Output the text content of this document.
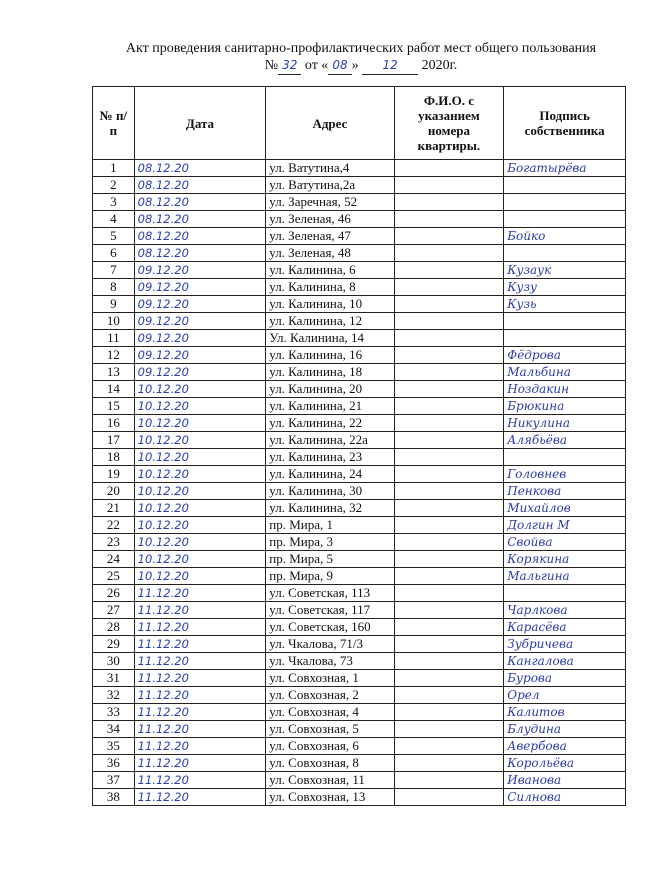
Акт проведения санитарно-профилактических работ мест общего пользования
№ 32 от « 08 » 12 2020г.
№ п/п	Дата	Адрес	Ф.И.О. с указанием номера квартиры.	Подпись собственника
1	08.12.20	ул. Ватутина,4		Богатырёва
2	08.12.20	ул. Ватутина,2а		
3	08.12.20	ул. Заречная, 52		
4	08.12.20	ул. Зеленая, 46		
5	08.12.20	ул. Зеленая, 47		Бойко
6	08.12.20	ул. Зеленая, 48		
7	09.12.20	ул. Калинина, 6		Кузаук
8	09.12.20	ул. Калинина, 8		Кузу
9	09.12.20	ул. Калинина, 10		Кузь
10	09.12.20	ул. Калинина, 12		
11	09.12.20	Ул. Калинина, 14		
12	09.12.20	ул. Калинина, 16		Фёдрова
13	09.12.20	ул. Калинина, 18		Мальбина
14	10.12.20	ул. Калинина, 20		Ноздакин
15	10.12.20	ул. Калинина, 21		Брюкина
16	10.12.20	ул. Калинина, 22		Никулина
17	10.12.20	ул. Калинина, 22а		Алябьёва
18	10.12.20	ул. Калинина, 23		
19	10.12.20	ул. Калинина, 24		Головнев
20	10.12.20	ул. Калинина, 30		Пенкова
21	10.12.20	ул. Калинина, 32		Михайлов
22	10.12.20	пр. Мира, 1		Долгин М
23	10.12.20	пр. Мира, 3		Свойва
24	10.12.20	пр. Мира, 5		Корякина
25	10.12.20	пр. Мира, 9		Мальгина
26	11.12.20	ул. Советская, 113		
27	11.12.20	ул. Советская, 117		Чарлкова
28	11.12.20	ул. Советская, 160		Карасёва
29	11.12.20	ул. Чкалова, 71/3		Зубричева
30	11.12.20	ул. Чкалова, 73		Кангалова
31	11.12.20	ул. Совхозная, 1		Бурова
32	11.12.20	ул. Совхозная, 2		Орел
33	11.12.20	ул. Совхозная, 4		Калитов
34	11.12.20	ул. Совхозная, 5		Блудина
35	11.12.20	ул. Совхозная, 6		Авербова
36	11.12.20	ул. Совхозная, 8		Корольёва
37	11.12.20	ул. Совхозная, 11		Иванова
38	11.12.20	ул. Совхозная, 13		Силнова
